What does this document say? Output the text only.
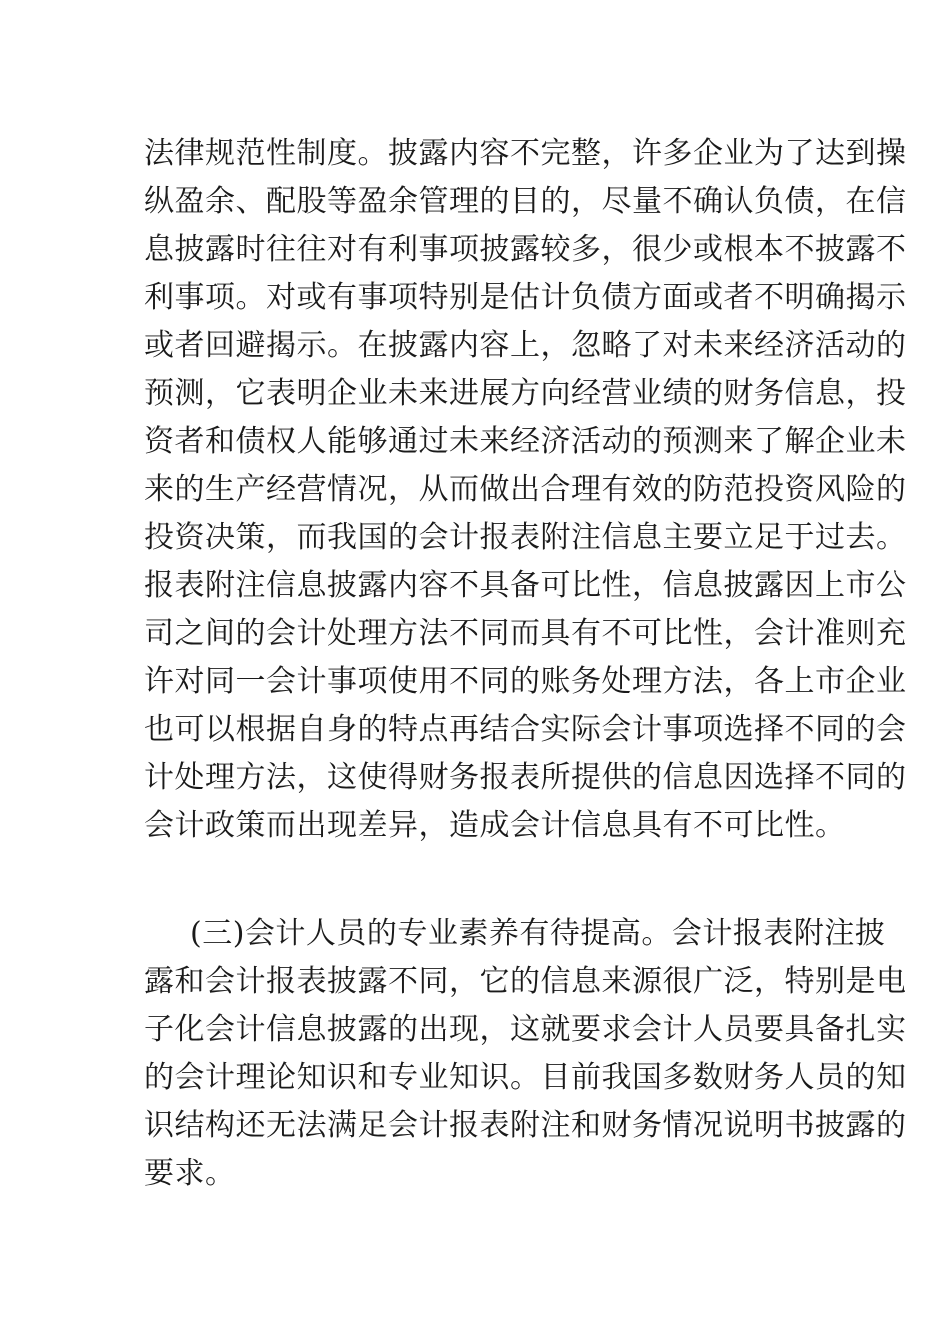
法律规范性制度。披露内容不完整，许多企业为了达到操
纵盈余、配股等盈余管理的目的，尽量不确认负债，在信
息披露时往往对有利事项披露较多，很少或根本不披露不
利事项。对或有事项特别是估计负债方面或者不明确揭示
或者回避揭示。在披露内容上，忽略了对未来经济活动的
预测，它表明企业未来进展方向经营业绩的财务信息，投
资者和债权人能够通过未来经济活动的预测来了解企业未
来的生产经营情况，从而做出合理有效的防范投资风险的
投资决策，而我国的会计报表附注信息主要立足于过去。
报表附注信息披露内容不具备可比性，信息披露因上市公
司之间的会计处理方法不同而具有不可比性，会计准则充
许对同一会计事项使用不同的账务处理方法，各上市企业
也可以根据自身的特点再结合实际会计事项选择不同的会
计处理方法，这使得财务报表所提供的信息因选择不同的
会计政策而出现差异，造成会计信息具有不可比性。
(三)会计人员的专业素养有待提高。会计报表附注披
露和会计报表披露不同，它的信息来源很广泛，特别是电
子化会计信息披露的出现，这就要求会计人员要具备扎实
的会计理论知识和专业知识。目前我国多数财务人员的知
识结构还无法满足会计报表附注和财务情况说明书披露的
要求。
